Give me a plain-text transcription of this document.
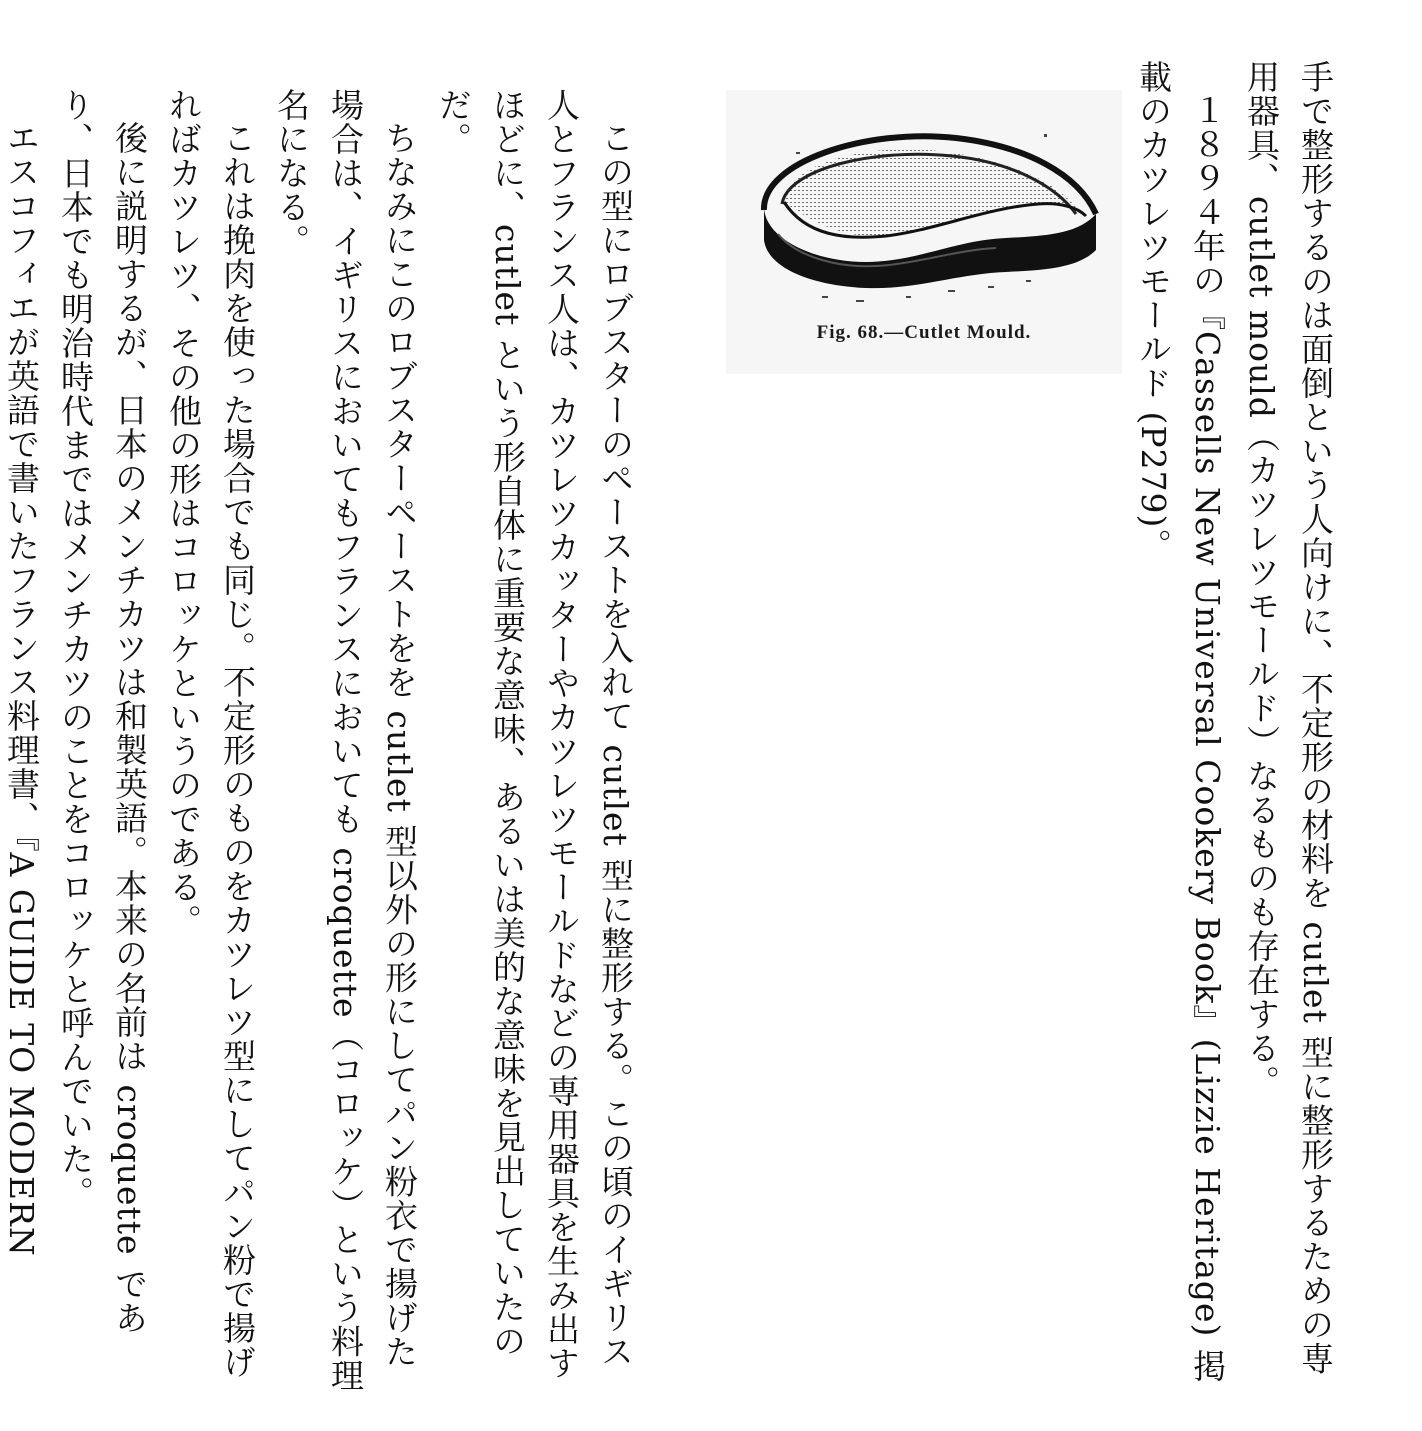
手で整形するのは面倒という人向けに、不定形の材料を cutlet 型に整形するための専用器具、cutlet mould（カツレツモールド）なるものも存在する。

１８９４年の『Cassells New Universal Cookery Book』(Lizzie Heritage) 掲載のカツレツモールド (P279)。

Fig. 68.—Cutlet Mould.

この型にロブスターのペーストを入れて cutlet 型に整形する。この頃のイギリス人とフランス人は、カツレツカッターやカツレツモールドなどの専用器具を生み出すほどに、cutlet という形自体に重要な意味、あるいは美的な意味を見出していたのだ。

ちなみにこのロブスターペーストをを cutlet 型以外の形にしてパン粉衣で揚げた場合は、イギリスにおいてもフランスにおいても croquette（コロッケ）という料理名になる。

これは挽肉を使った場合でも同じ。不定形のものをカツレツ型にしてパン粉で揚げればカツレツ、その他の形はコロッケというのである。

後に説明するが、日本のメンチカツは和製英語。本来の名前は croquette であり、日本でも明治時代まではメンチカツのことをコロッケと呼んでいた。

エスコフィエが英語で書いたフランス料理書、『A GUIDE TO MODERN
